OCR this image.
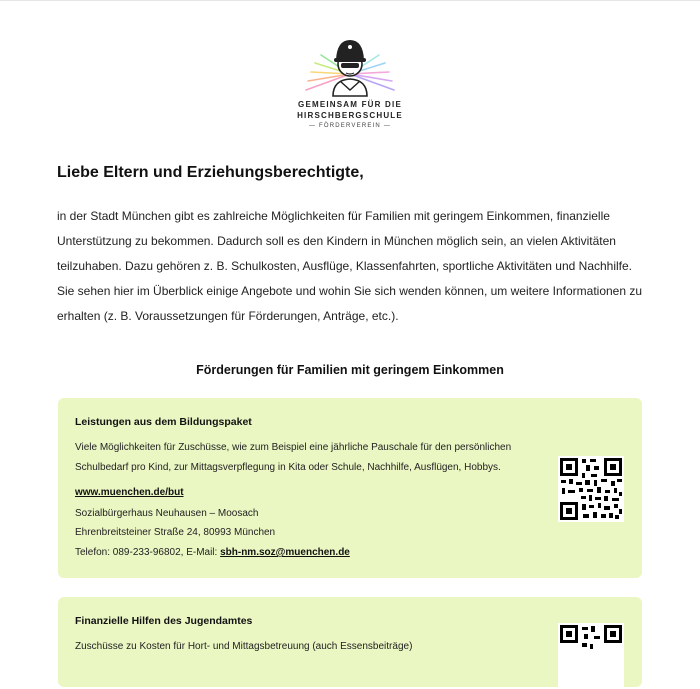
GEMEINSAM FÜR DIE
HIRSCHBERGSCHULE
— FÖRDERVEREIN —
Liebe Eltern und Erziehungsberechtigte,
in der Stadt München gibt es zahlreiche Möglichkeiten für Familien mit geringem Einkommen, finanzielle Unterstützung zu bekommen. Dadurch soll es den Kindern in München möglich sein, an vielen Aktivitäten teilzuhaben. Dazu gehören z. B. Schulkosten, Ausflüge, Klassenfahrten, sportliche Aktivitäten und Nachhilfe. Sie sehen hier im Überblick einige Angebote und wohin Sie sich wenden können, um weitere Informationen zu erhalten (z. B. Voraussetzungen für Förderungen, Anträge, etc.).
Förderungen für Familien mit geringem Einkommen
Leistungen aus dem Bildungspaket
Viele Möglichkeiten für Zuschüsse, wie zum Beispiel eine jährliche Pauschale für den persönlichen Schulbedarf pro Kind, zur Mittagsverpflegung in Kita oder Schule, Nachhilfe, Ausflügen, Hobbys.
www.muenchen.de/but
Sozialbürgerhaus Neuhausen – Moosach
Ehrenbreitsteiner Straße 24, 80993 München
Telefon: 089-233-96802, E-Mail: sbh-nm.soz@muenchen.de
Finanzielle Hilfen des Jugendamtes
Zuschüsse zu Kosten für Hort- und Mittagsbetreuung (auch Essensbeiträge)
